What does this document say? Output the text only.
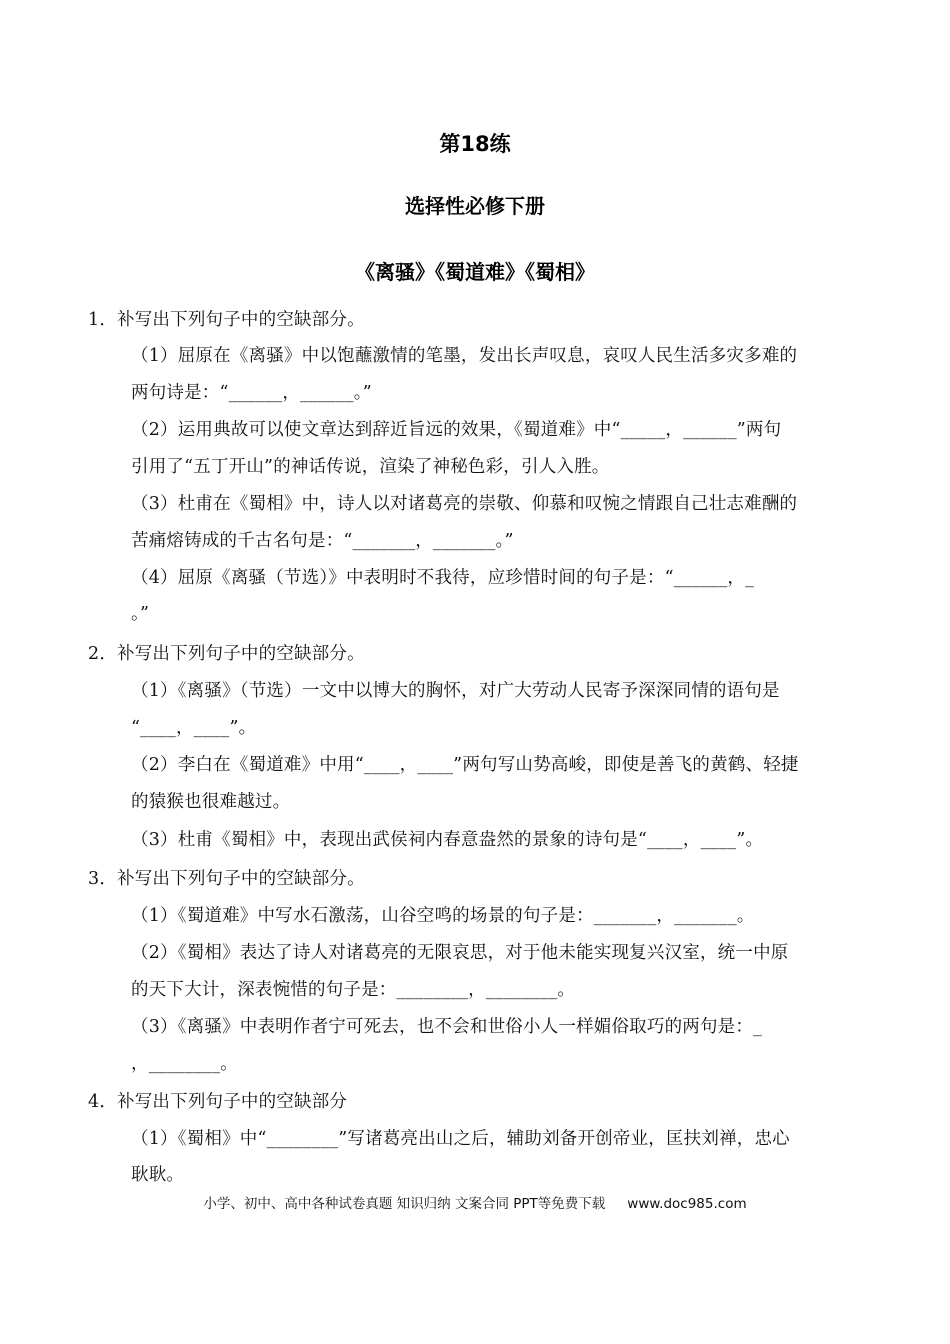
第18练
选择性必修下册
《离骚》《蜀道难》《蜀相》
1．补写出下列句子中的空缺部分。
（1）屈原在《离骚》中以饱蘸激情的笔墨，发出长声叹息，哀叹人民生活多灾多难的
两句诗是：“______，______。”
（2）运用典故可以使文章达到辞近旨远的效果，《蜀道难》中“_____，______”两句
引用了“五丁开山”的神话传说，渲染了神秘色彩，引人入胜。
（3）杜甫在《蜀相》中，诗人以对诸葛亮的崇敬、仰慕和叹惋之情跟自己壮志难酬的
苦痛熔铸成的千古名句是：“_______，_______。”
（4）屈原《离骚（节选）》中表明时不我待，应珍惜时间的句子是：“______，_
。”
2．补写出下列句子中的空缺部分。
（1）《离骚》（节选）一文中以博大的胸怀，对广大劳动人民寄予深深同情的语句是
“____，____”。
（2）李白在《蜀道难》中用“____，____”两句写山势高峻，即使是善飞的黄鹤、轻捷
的猿猴也很难越过。
（3）杜甫《蜀相》中，表现出武侯祠内春意盎然的景象的诗句是“____，____”。
3．补写出下列句子中的空缺部分。
（1）《蜀道难》中写水石激荡，山谷空鸣的场景的句子是：_______，_______。
（2）《蜀相》表达了诗人对诸葛亮的无限哀思，对于他未能实现复兴汉室，统一中原
的天下大计，深表惋惜的句子是：________，________。
（3）《离骚》中表明作者宁可死去，也不会和世俗小人一样媚俗取巧的两句是：_
，________。
4．补写出下列句子中的空缺部分
（1）《蜀相》中“________”写诸葛亮出山之后，辅助刘备开创帝业，匡扶刘禅，忠心
耿耿。
小学、初中、高中各种试卷真题 知识归纳 文案合同 PPT等免费下载 www.doc985.com
